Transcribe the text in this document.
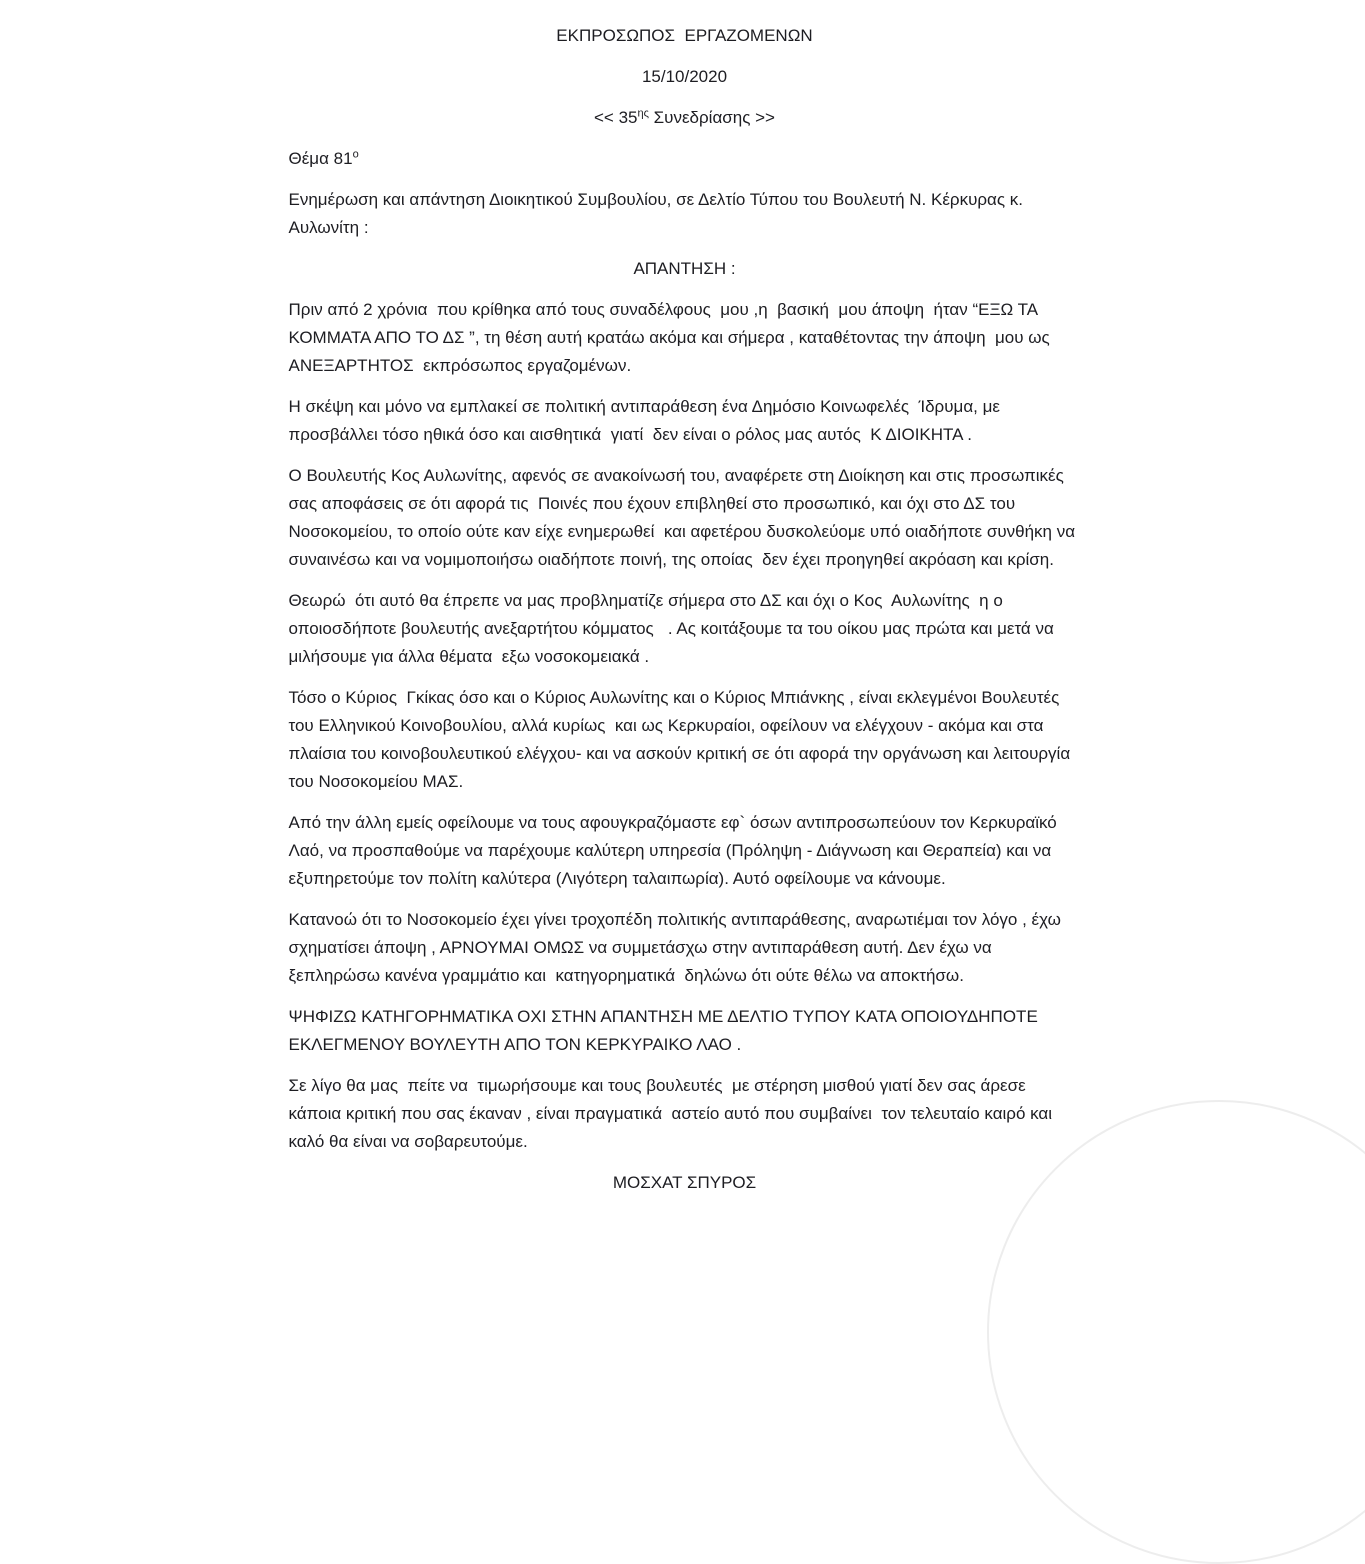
ΕΚΠΡΟΣΩΠΟΣ  ΕΡΓΑΖΟΜΕΝΩΝ
15/10/2020
<< $35^{\eta\varsigma}$ Συνεδρίασης >>
Θέμα $81^o$

Ενημέρωση και απάντηση Διοικητικού Συμβουλίου, σε Δελτίο Τύπου του Βουλευτή Ν. Κέρκυρας κ. Αυλωνίτη :

ΑΠΑΝΤΗΣΗ :

Πριν από 2 χρόνια  που κρίθηκα από τους συναδέλφους  μου ,η  βασική  μου άποψη  ήταν “ΕΞΩ ΤΑ ΚΟΜΜΑΤΑ ΑΠΟ ΤΟ ΔΣ ”, τη θέση αυτή κρατάω ακόμα και σήμερα , καταθέτοντας την άποψη  μου ως ΑΝΕΞΑΡΤΗΤΟΣ  εκπρόσωπος εργαζομένων.

Η σκέψη και μόνο να εμπλακεί σε πολιτική αντιπαράθεση ένα Δημόσιο Κοινωφελές  Ίδρυμα, με προσβάλλει τόσο ηθικά όσο και αισθητικά  γιατί  δεν είναι ο ρόλος μας αυτός  Κ ΔΙΟΙΚΗΤΑ .

Ο Βουλευτής Κος Αυλωνίτης, αφενός σε ανακοίνωσή του, αναφέρετε στη Διοίκηση και στις προσωπικές σας αποφάσεις σε ότι αφορά τις  Ποινές που έχουν επιβληθεί στο προσωπικό, και όχι στο ΔΣ του Νοσοκομείου, το οποίο ούτε καν είχε ενημερωθεί  και αφετέρου δυσκολεύομε υπό οιαδήποτε συνθήκη να συναινέσω και να νομιμοποιήσω οιαδήποτε ποινή, της οποίας  δεν έχει προηγηθεί ακρόαση και κρίση.

Θεωρώ  ότι αυτό θα έπρεπε να μας προβληματίζε σήμερα στο ΔΣ και όχι ο Κος  Αυλωνίτης  η ο οποιοσδήποτε βουλευτής ανεξαρτήτου κόμματος   . Ας κοιτάξουμε τα του οίκου μας πρώτα και μετά να μιλήσουμε για άλλα θέματα  εξω νοσοκομειακά .

Τόσο ο Κύριος  Γκίκας όσο και ο Κύριος Αυλωνίτης και ο Κύριος Μπιάνκης , είναι εκλεγμένοι Βουλευτές του Ελληνικού Κοινοβουλίου, αλλά κυρίως  και ως Κερκυραίοι, οφείλουν να ελέγχουν - ακόμα και στα πλαίσια του κοινοβουλευτικού ελέγχου- και να ασκούν κριτική σε ότι αφορά την οργάνωση και λειτουργία του Νοσοκομείου ΜΑΣ.

Από την άλλη εμείς οφείλουμε να τους αφουγκραζόμαστε εφ` όσων αντιπροσωπεύουν τον Κερκυραϊκό Λαό, να προσπαθούμε να παρέχουμε καλύτερη υπηρεσία (Πρόληψη - Διάγνωση και Θεραπεία) και να εξυπηρετούμε τον πολίτη καλύτερα (Λιγότερη ταλαιπωρία). Αυτό οφείλουμε να κάνουμε.

Κατανοώ ότι το Νοσοκομείο έχει γίνει τροχοπέδη πολιτικής αντιπαράθεσης, αναρωτιέμαι τον λόγο , έχω σχηματίσει άποψη , ΑΡΝΟΥΜΑΙ ΟΜΩΣ να συμμετάσχω στην αντιπαράθεση αυτή. Δεν έχω να ξεπληρώσω κανένα γραμμάτιο και  κατηγορηματικά  δηλώνω ότι ούτε θέλω να αποκτήσω.

ΨΗΦΙΖΩ ΚΑΤΗΓΟΡΗΜΑΤΙΚΑ ΟΧΙ ΣΤΗΝ ΑΠΑΝΤΗΣΗ ΜΕ ΔΕΛΤΙΟ ΤΥΠΟΥ ΚΑΤΑ ΟΠΟΙΟΥΔΗΠΟΤΕ ΕΚΛΕΓΜΕΝΟΥ ΒΟΥΛΕΥΤΗ ΑΠΟ ΤΟΝ ΚΕΡΚΥΡΑΙΚΟ ΛΑΟ .

Σε λίγο θα μας  πείτε να  τιμωρήσουμε και τους βουλευτές  με στέρηση μισθού γιατί δεν σας άρεσε κάποια κριτική που σας έκαναν , είναι πραγματικά  αστείο αυτό που συμβαίνει  τον τελευταίο καιρό και καλό θα είναι να σοβαρευτούμε.

ΜΟΣΧΑΤ ΣΠΥΡΟΣ
